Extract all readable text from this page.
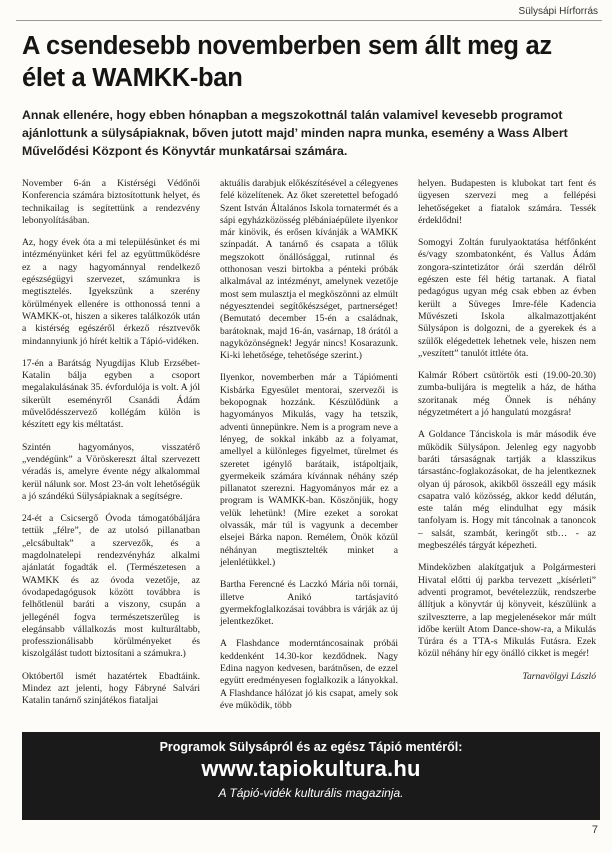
Sülysápi Hírforrás
A csendesebb novemberben sem állt meg az élet a WAMKK-ban

Annak ellenére, hogy ebben hónapban a megszokottnál talán valamivel kevesebb programot ajánlottunk a sülysápiaknak, bőven jutott majd’ minden napra munka, esemény a Wass Albert Művelődési Központ és Könyvtár munkatársai számára.

November 6-án a Kistérségi Védőnői Konferencia számára biztosítottunk helyet, és technikailag is segítettünk a rendezvény lebonyolításában.

Az, hogy évek óta a mi településünket és mi intézményünket kéri fel az együttműködésre ez a nagy hagyománnyal rendelkező egészségügyi szervezet, számunkra is megtisztelés. Igyekszünk a szerény körülmények ellenére is otthonossá tenni a WAMKK-ot, hiszen a sikeres találkozók után a kistérség egészéről érkező résztvevők mindannyiunk jó hírét keltik a Tápió-vidéken.

17-én a Barátság Nyugdíjas Klub Erzsébet-Katalin bálja egyben a csoport megalakulásának 35. évfordulója is volt. A jól sikerült eseményről Csanádi Ádám művelődésszervező kollégám külön is készített egy kis méltatást.

Szintén hagyományos, visszatérő „vendégünk” a Vöröskereszt által szervezett véradás is, amelyre évente négy alkalommal kerül nálunk sor. Most 23-án volt lehetőségük a jó szándékú Sülysápiaknak a segítségre.

24-ét a Csicsergő Óvoda támogatóbáljára tettük „félre”, de az utolsó pillanatban „elcsábultak” a szervezők, és a magdolnatelepi rendezvényház alkalmi ajánlatát fogadták el. (Természetesen a WAMKK és az óvoda vezetője, az óvodapedagógusok között továbbra is felhőtlenül baráti a viszony, csupán a jellegénél fogva természetszerűleg is elegánsabb vállalkozás most kulturáltabb, professzionálisabb körülményeket és kiszolgálást tudott biztosítani a számukra.)

Októbertől ismét hazatértek Ebadtáink. Mindez azt jelenti, hogy Fábryné Salvári Katalin tanárnő szinjátékos fiataljai

aktuális darabjuk előkészítésével a célegyenes felé közelítenek. Az őket szeretettel befogadó Szent István Általános Iskola tornatermét és a sápi egyházközösség plébániaépülete ilyenkor már kinövik, és erősen kívánják a WAMKK színpadát. A tanárnő és csapata a tőlük megszokott önállósággal, rutinnal és otthonosan veszi birtokba a pénteki próbák alkalmával az intézményt, amelynek vezetője most sem mulasztja el megköszönni az elmúlt négyesztendei segítőkészséget, partnerséget! (Bemutató december 15-én a családnak, barátoknak, majd 16-án, vasárnap, 18 órától a nagyközönségnek! Jegyár nincs! Kosarazunk. Ki-ki lehetősége, tehetősége szerint.)

Ilyenkor, novemberben már a Tápiómenti Kisbárka Egyesület mentorai, szervezői is bekopognak hozzánk. Készülődünk a hagyományos Mikulás, vagy ha tetszik, adventi ünnepünkre. Nem is a program neve a lényeg, de sokkal inkább az a folyamat, amellyel a különleges figyelmet, türelmet és szeretet igénylő barátaik, istápoltjaik, gyermekeik számára kívánnak néhány szép pillanatot szerezni. Hagyományos már ez a program is WAMKK-ban. Köszönjük, hogy velük lehetünk! (Mire ezeket a sorokat olvassák, már túl is vagyunk a december elsejei Bárka napon. Remélem, Önök közül néhányan megtisztelték minket a jelenlétükkel.)

Bartha Ferencné és Laczkó Mária női tornái, illetve Anikó tartásjavító gyermekfoglalkozásai továbbra is várják az új jelentkezőket.

A Flashdance moderntáncosainak próbái keddenként 14.30-kor kezdődnek. Nagy Edina nagyon kedvesen, barátnősen, de ezzel együtt eredményesen foglalkozik a lányokkal. A Flashdance hálózat jó kis csapat, amely sok éve működik, több

helyen. Budapesten is klubokat tart fent és ügyesen szervezi meg a fellépési lehetőségeket a fiatalok számára. Tessék érdeklődni!

Somogyi Zoltán furulyaoktatása hétfőnként és/vagy szombatonként, és Vallus Ádám zongora-szintetizátor órái szerdán délről egészen este fél hétig tartanak. A fiatal pedagógus ugyan még csak ebben az évben került a Süveges Imre-féle Kadencia Művészeti Iskola alkalmazottjaként Sülysápon is dolgozni, de a gyerekek és a szülők elégedettek lehetnek vele, hiszen nem „veszített” tanulót ittléte óta.

Kalmár Róbert csütörtök esti (19.00-20.30) zumba-bulijára is megtelik a ház, de hátha szoritanak még Önnek is néhány négyzetmétert a jó hangulatú mozgásra!

A Goldance Tánciskola is már második éve működik Sülysápon. Jelenleg egy nagyobb baráti társaságnak tartják a klasszikus társastánc-foglakozásokat, de ha jelentkeznek olyan új párosok, akikből összeáll egy másik csapatra való közösség, akkor kedd délután, este talán még elindulhat egy másik tanfolyam is. Hogy mit táncolnak a tanoncok – salsát, szambát, keringőt stb… - az megbeszélés tárgyát képezheti.

Mindeközben alakítgatjuk a Polgármesteri Hivatal előtti új parkba tervezett „kísérleti” adventi programot, bevételezzük, rendszerbe állítjuk a könyvtár új könyveit, készülünk a szilveszterre, a lap megjelenésekor már múlt időbe került Atom Dance-show-ra, a Mikulás Túrára és a TTA-s Mikulás Futásra. Ezek közül néhány hír egy önálló cikket is megér!

Tarnavölgyi László

Programok Sülysápról és az egész Tápió mentéről:
www.tapiokultura.hu
A Tápió-vidék kulturális magazinja.
7
